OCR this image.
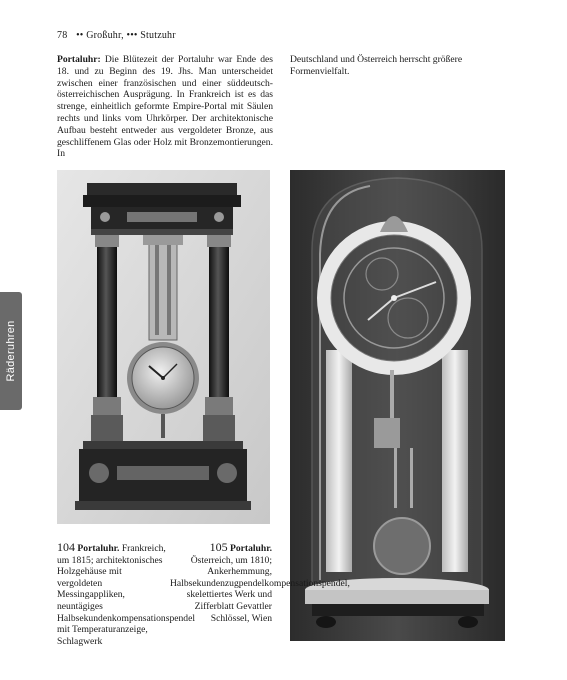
78 •• Großuhr, ••• Stutzuhr
Portaluhr: Die Blütezeit der Portaluhr war Ende des 18. und zu Beginn des 19. Jhs. Man unterscheidet zwischen einer französischen und einer süddeutsch-österreichischen Ausprägung. In Frankreich ist es das strenge, einheitlich geformte Empire-Portal mit Säulen rechts und links vom Uhrkörper. Der architektonische Aufbau besteht entweder aus vergoldeter Bronze, aus geschliffenem Glas oder Holz mit Bronzemontierungen. In
Deutschland und Österreich herrscht größere Formenvielfalt.
Räderuhren
104 Portaluhr. Frankreich, um 1815; architektonisches Holzgehäuse mit vergoldeten Messingappliken, neuntägiges Halbsekundenkompensationspendel mit Temperaturanzeige, Schlagwerk
105 Portaluhr. Österreich, um 1810; Ankerhemmung, Halbsekundenzugpendelkompensationspendel, skelettiertes Werk und Zifferblatt Gevattler Schlössel, Wien
